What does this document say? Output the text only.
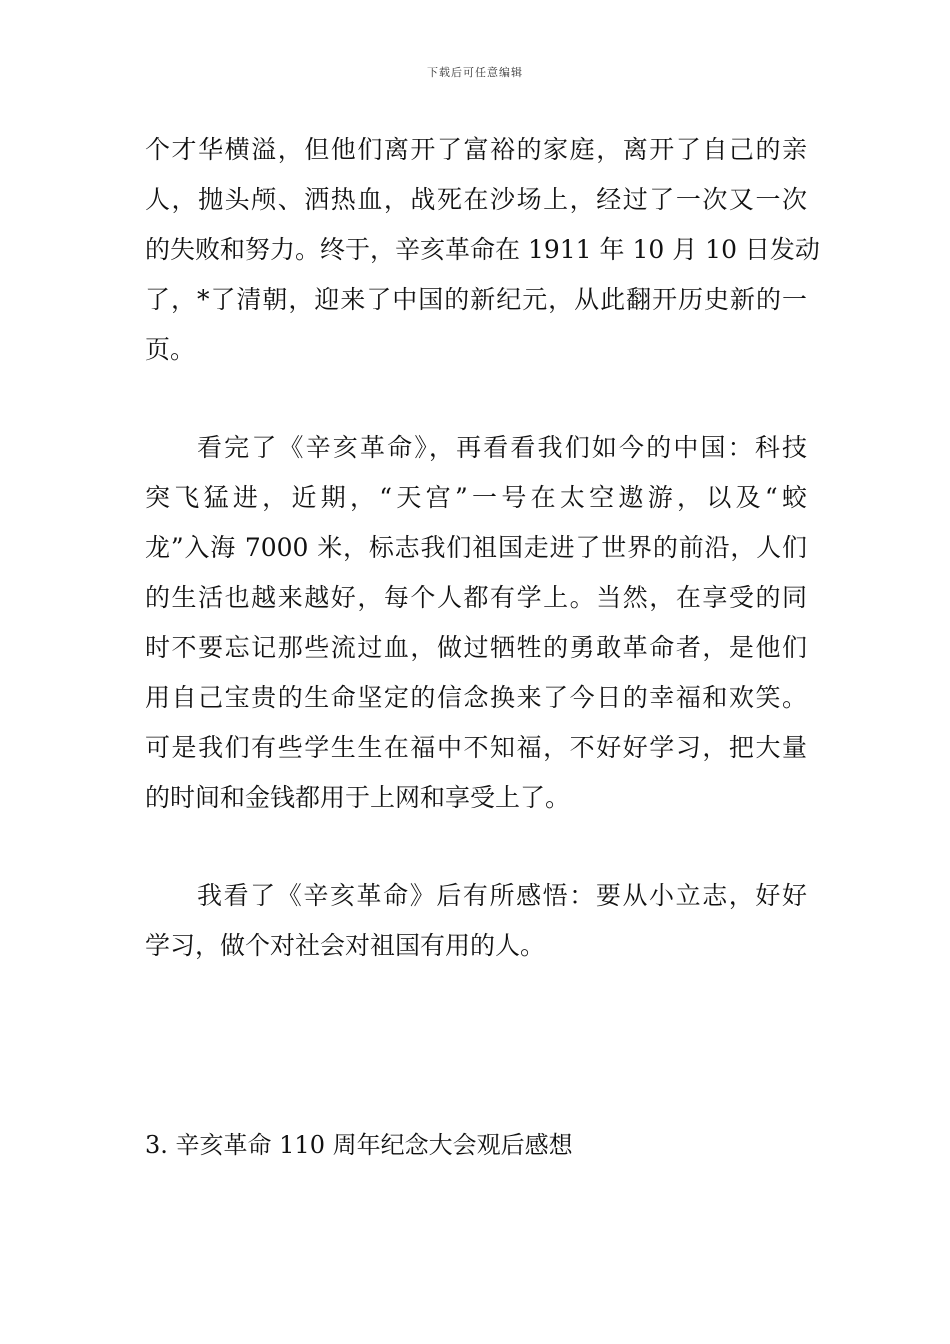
下载后可任意编辑
个才华横溢，但他们离开了富裕的家庭，离开了自己的亲
人，抛头颅、洒热血，战死在沙场上，经过了一次又一次
的失败和努力。终于，辛亥革命在 1911 年 10 月 10 日发动
了，*了清朝，迎来了中国的新纪元，从此翻开历史新的一
页。
看完了《辛亥革命》，再看看我们如今的中国：科技
突飞猛进，近期，“天宫”一号在太空遨游，以及“蛟
龙”入海 7000 米，标志我们祖国走进了世界的前沿，人们
的生活也越来越好，每个人都有学上。当然，在享受的同
时不要忘记那些流过血，做过牺牲的勇敢革命者，是他们
用自己宝贵的生命坚定的信念换来了今日的幸福和欢笑。
可是我们有些学生生在福中不知福，不好好学习，把大量
的时间和金钱都用于上网和享受上了。
我看了《辛亥革命》后有所感悟：要从小立志，好好
学习，做个对社会对祖国有用的人。
3. 辛亥革命 110 周年纪念大会观后感想
